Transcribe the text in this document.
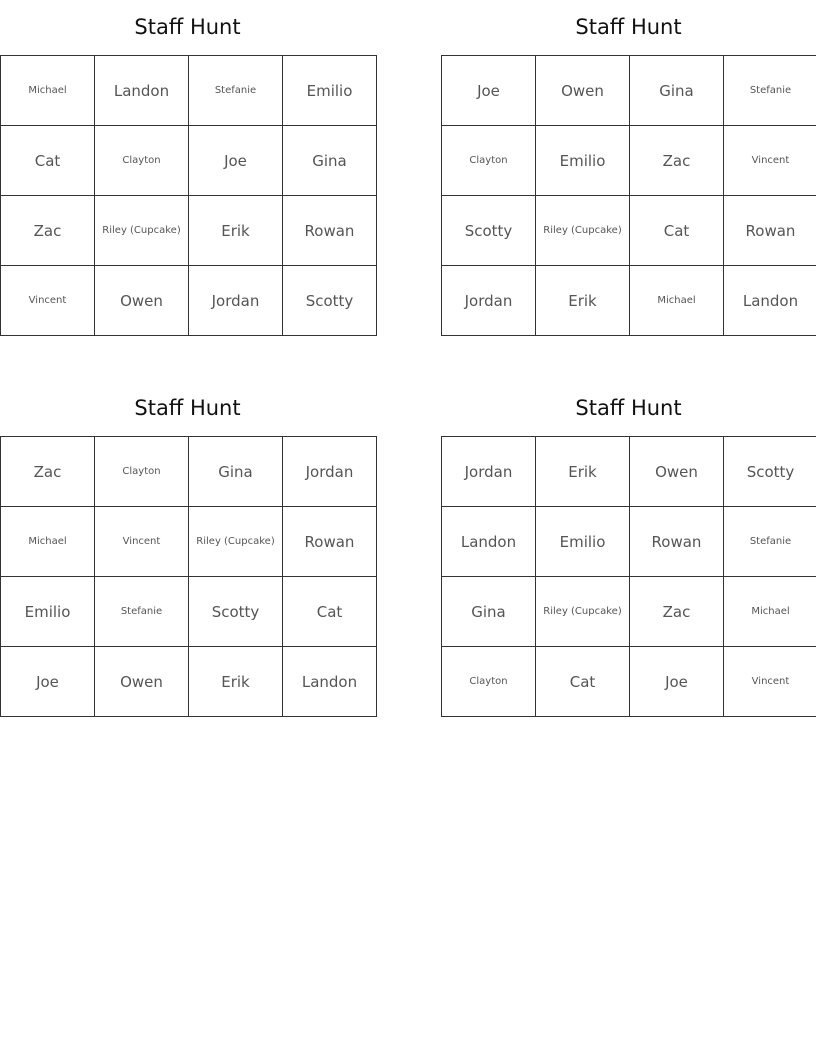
Staff Hunt
Michael	Landon	Stefanie	Emilio
Cat	Clayton	Joe	Gina
Zac	Riley (Cupcake)	Erik	Rowan
Vincent	Owen	Jordan	Scotty
Staff Hunt
Joe	Owen	Gina	Stefanie
Clayton	Emilio	Zac	Vincent
Scotty	Riley (Cupcake)	Cat	Rowan
Jordan	Erik	Michael	Landon
Staff Hunt
Zac	Clayton	Gina	Jordan
Michael	Vincent	Riley (Cupcake)	Rowan
Emilio	Stefanie	Scotty	Cat
Joe	Owen	Erik	Landon
Staff Hunt
Jordan	Erik	Owen	Scotty
Landon	Emilio	Rowan	Stefanie
Gina	Riley (Cupcake)	Zac	Michael
Clayton	Cat	Joe	Vincent
